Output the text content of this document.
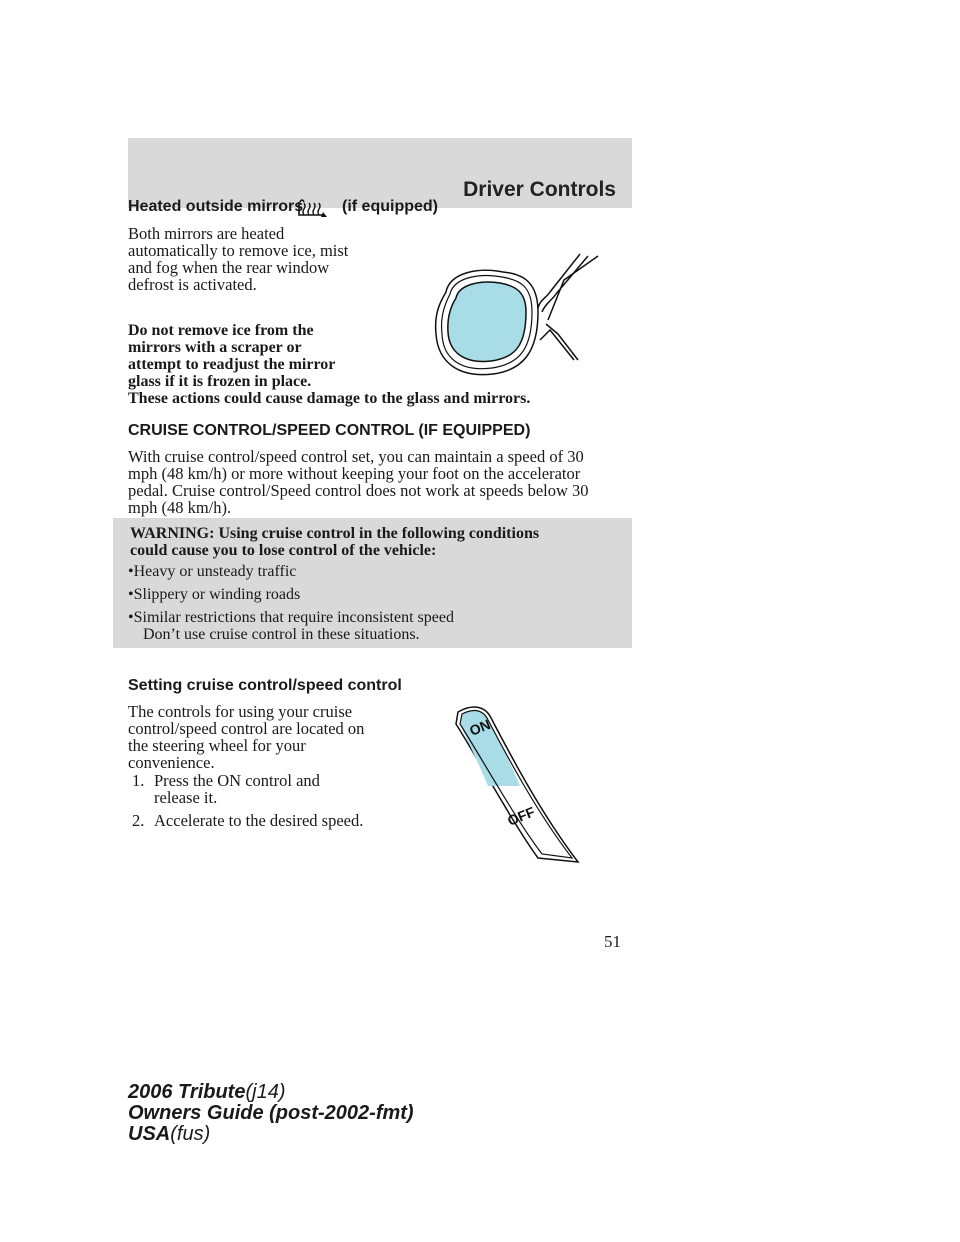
Driver Controls
Heated outside mirrors (if equipped)
Both mirrors are heated
automatically to remove ice, mist
and fog when the rear window
defrost is activated.
Do not remove ice from the
mirrors with a scraper or
attempt to readjust the mirror
glass if it is frozen in place.
These actions could cause damage to the glass and mirrors.
CRUISE CONTROL/SPEED CONTROL (IF EQUIPPED)
With cruise control/speed control set, you can maintain a speed of 30
mph (48 km/h) or more without keeping your foot on the accelerator
pedal. Cruise control/Speed control does not work at speeds below 30
mph (48 km/h).
WARNING: Using cruise control in the following conditions
could cause you to lose control of the vehicle:
•Heavy or unsteady traffic
•Slippery or winding roads
•Similar restrictions that require inconsistent speed
Don’t use cruise control in these situations.
Setting cruise control/speed control
The controls for using your cruise
control/speed control are located on
the steering wheel for your
convenience.
1. Press the ON control and
release it.
2. Accelerate to the desired speed.
ON
OFF
51
2006 Tribute(j14)
Owners Guide (post-2002-fmt)
USA(fus)
